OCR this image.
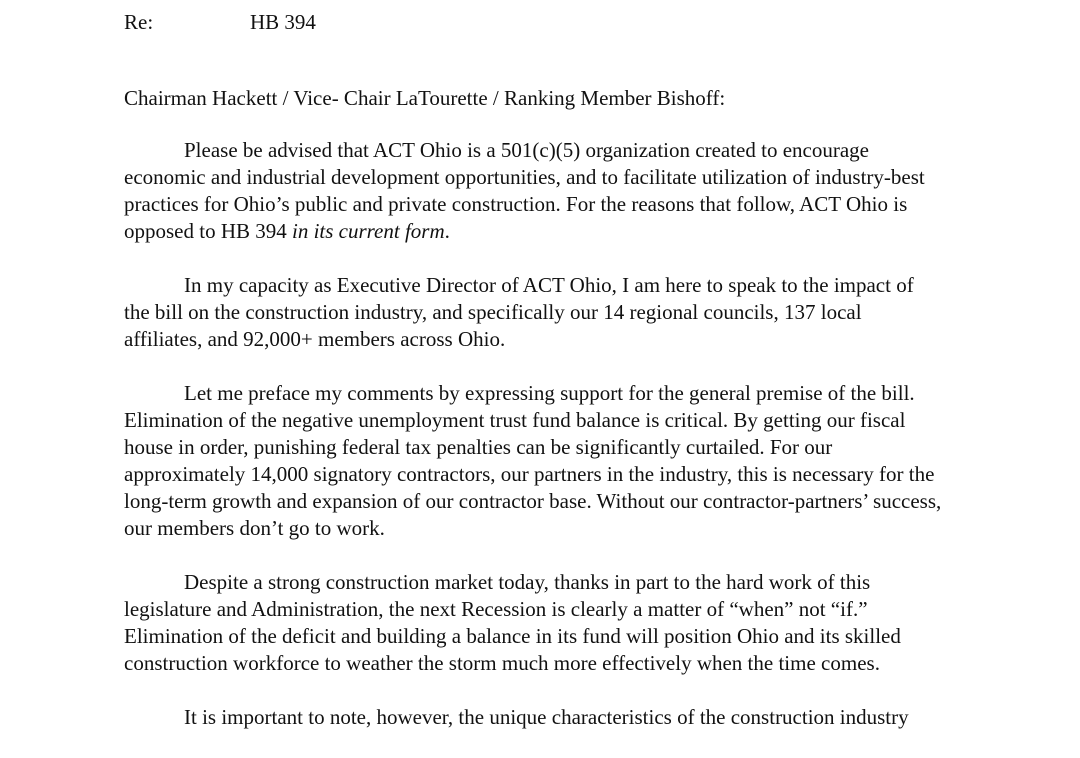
Re:	HB 394
Chairman Hackett / Vice- Chair LaTourette / Ranking Member Bishoff:

Please be advised that ACT Ohio is a 501(c)(5) organization created to encourage economic and industrial development opportunities, and to facilitate utilization of industry-best practices for Ohio’s public and private construction. For the reasons that follow, ACT Ohio is opposed to HB 394 in its current form.

In my capacity as Executive Director of ACT Ohio, I am here to speak to the impact of the bill on the construction industry, and specifically our 14 regional councils, 137 local affiliates, and 92,000+ members across Ohio.

Let me preface my comments by expressing support for the general premise of the bill. Elimination of the negative unemployment trust fund balance is critical. By getting our fiscal house in order, punishing federal tax penalties can be significantly curtailed. For our approximately 14,000 signatory contractors, our partners in the industry, this is necessary for the long-term growth and expansion of our contractor base. Without our contractor-partners’ success, our members don’t go to work.

Despite a strong construction market today, thanks in part to the hard work of this legislature and Administration, the next Recession is clearly a matter of “when” not “if.” Elimination of the deficit and building a balance in its fund will position Ohio and its skilled construction workforce to weather the storm much more effectively when the time comes.

It is important to note, however, the unique characteristics of the construction industry
